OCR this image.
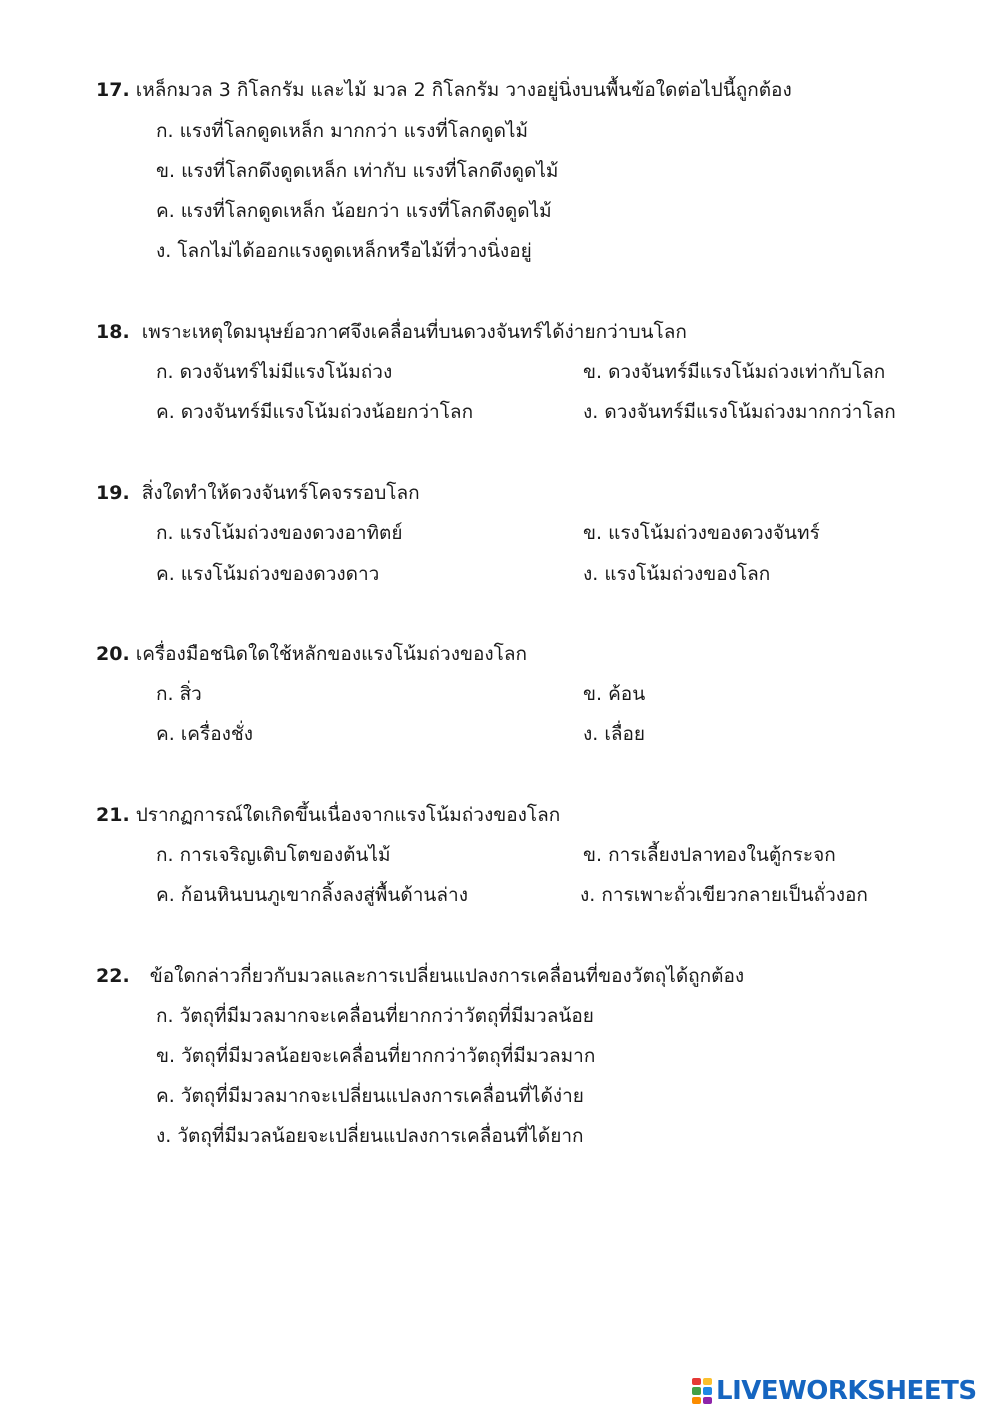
17. เหล็กมวล 3 กิโลกรัม และไม้ มวล 2 กิโลกรัม วางอยู่นิ่งบนพื้นข้อใดต่อไปนี้ถูกต้อง
ก. แรงที่โลกดูดเหล็ก มากกว่า แรงที่โลกดูดไม้
ข. แรงที่โลกดึงดูดเหล็ก เท่ากับ แรงที่โลกดึงดูดไม้
ค. แรงที่โลกดูดเหล็ก น้อยกว่า แรงที่โลกดึงดูดไม้
ง. โลกไม่ได้ออกแรงดูดเหล็กหรือไม้ที่วางนิ่งอยู่
18. เพราะเหตุใดมนุษย์อวกาศจึงเคลื่อนที่บนดวงจันทร์ได้ง่ายกว่าบนโลก
ก. ดวงจันทร์ไม่มีแรงโน้มถ่วง	ข. ดวงจันทร์มีแรงโน้มถ่วงเท่ากับโลก
ค. ดวงจันทร์มีแรงโน้มถ่วงน้อยกว่าโลก	ง. ดวงจันทร์มีแรงโน้มถ่วงมากกว่าโลก
19. สิ่งใดทำให้ดวงจันทร์โคจรรอบโลก
ก. แรงโน้มถ่วงของดวงอาทิตย์	ข. แรงโน้มถ่วงของดวงจันทร์
ค. แรงโน้มถ่วงของดวงดาว	ง. แรงโน้มถ่วงของโลก
20. เครื่องมือชนิดใดใช้หลักของแรงโน้มถ่วงของโลก
ก. สิ่ว	ข. ค้อน
ค. เครื่องชั่ง	ง. เลื่อย
21. ปรากฏการณ์ใดเกิดขึ้นเนื่องจากแรงโน้มถ่วงของโลก
ก. การเจริญเติบโตของต้นไม้	ข. การเลี้ยงปลาทองในตู้กระจก
ค. ก้อนหินบนภูเขากลิ้งลงสู่พื้นด้านล่าง	ง. การเพาะถั่วเขียวกลายเป็นถั่วงอก
22. ข้อใดกล่าวกี่ยวกับมวลและการเปลี่ยนแปลงการเคลื่อนที่ของวัตถุได้ถูกต้อง
ก. วัตถุที่มีมวลมากจะเคลื่อนที่ยากกว่าวัตถุที่มีมวลน้อย
ข. วัตถุที่มีมวลน้อยจะเคลื่อนที่ยากกว่าวัตถุที่มีมวลมาก
ค. วัตถุที่มีมวลมากจะเปลี่ยนแปลงการเคลื่อนที่ได้ง่าย
ง. วัตถุที่มีมวลน้อยจะเปลี่ยนแปลงการเคลื่อนที่ได้ยาก
LIVEWORKSHEETS
